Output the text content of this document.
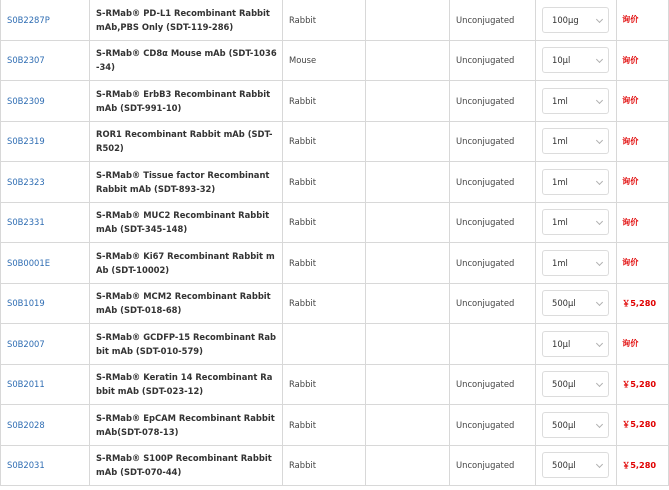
S0B2287P	S-RMab® PD-L1 Recombinant Rabbit mAb,PBS Only (SDT-119-286)	Rabbit		Unconjugated	100µg	询价
S0B2307	S-RMab® CD8α Mouse mAb (SDT-1036-34)	Mouse		Unconjugated	10µl	询价
S0B2309	S-RMab® ErbB3 Recombinant Rabbit mAb (SDT-991-10)	Rabbit		Unconjugated	1ml	询价
S0B2319	ROR1 Recombinant Rabbit mAb (SDT-R502)	Rabbit		Unconjugated	1ml	询价
S0B2323	S-RMab® Tissue factor Recombinant Rabbit mAb (SDT-893-32)	Rabbit		Unconjugated	1ml	询价
S0B2331	S-RMab® MUC2 Recombinant Rabbit mAb (SDT-345-148)	Rabbit		Unconjugated	1ml	询价
S0B0001E	S-RMab® Ki67 Recombinant Rabbit mAb (SDT-10002)	Rabbit		Unconjugated	1ml	询价
S0B1019	S-RMab® MCM2 Recombinant Rabbit mAb (SDT-018-68)	Rabbit		Unconjugated	500µl	￥5,280
S0B2007	S-RMab® GCDFP-15 Recombinant Rabbit mAb (SDT-010-579)				10µl	询价
S0B2011	S-RMab® Keratin 14 Recombinant Rabbit mAb (SDT-023-12)	Rabbit		Unconjugated	500µl	￥5,280
S0B2028	S-RMab® EpCAM Recombinant Rabbit mAb(SDT-078-13)	Rabbit		Unconjugated	500µl	￥5,280
S0B2031	S-RMab® S100P Recombinant Rabbit mAb (SDT-070-44)	Rabbit		Unconjugated	500µl	￥5,280
